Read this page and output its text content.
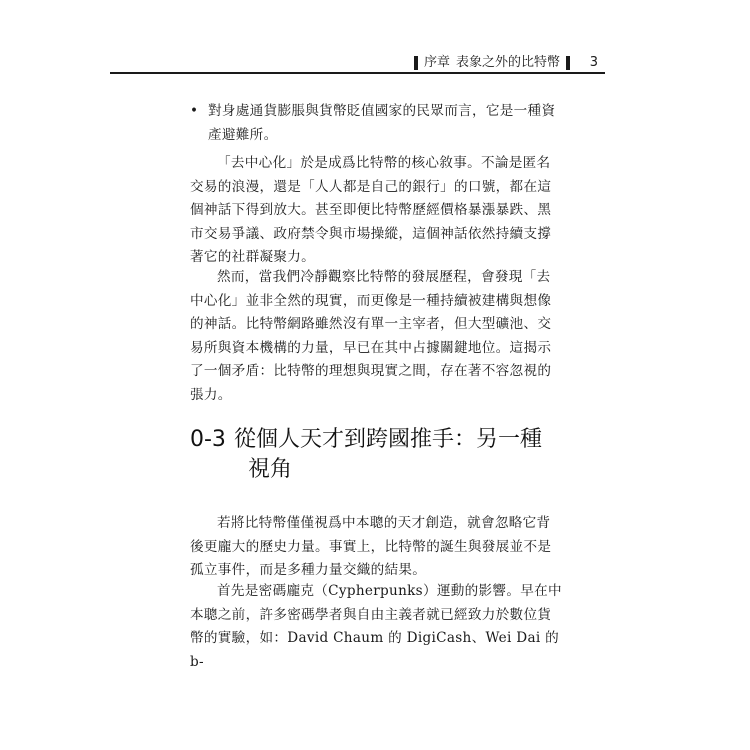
序章 表象之外的比特幣 3

• 對身處通貨膨脹與貨幣貶值國家的民眾而言，它是一種資產避難所。

「去中心化」於是成爲比特幣的核心敘事。不論是匿名交易的浪漫，還是「人人都是自己的銀行」的口號，都在這個神話下得到放大。甚至即便比特幣歷經價格暴漲暴跌、黑市交易爭議、政府禁令與市場操縱，這個神話依然持續支撐著它的社群凝聚力。

然而，當我們冷靜觀察比特幣的發展歷程，會發現「去中心化」並非全然的現實，而更像是一種持續被建構與想像的神話。比特幣網路雖然沒有單一主宰者，但大型礦池、交易所與資本機構的力量，早已在其中占據關鍵地位。這揭示了一個矛盾：比特幣的理想與現實之間，存在著不容忽視的張力。

0-3 從個人天才到跨國推手：另一種
視角

若將比特幣僅僅視爲中本聰的天才創造，就會忽略它背後更龐大的歷史力量。事實上，比特幣的誕生與發展並不是孤立事件，而是多種力量交織的結果。

首先是密碼龐克（Cypherpunks）運動的影響。早在中本聰之前，許多密碼學者與自由主義者就已經致力於數位貨幣的實驗，如：David Chaum 的 DigiCash、Wei Dai 的 b-
